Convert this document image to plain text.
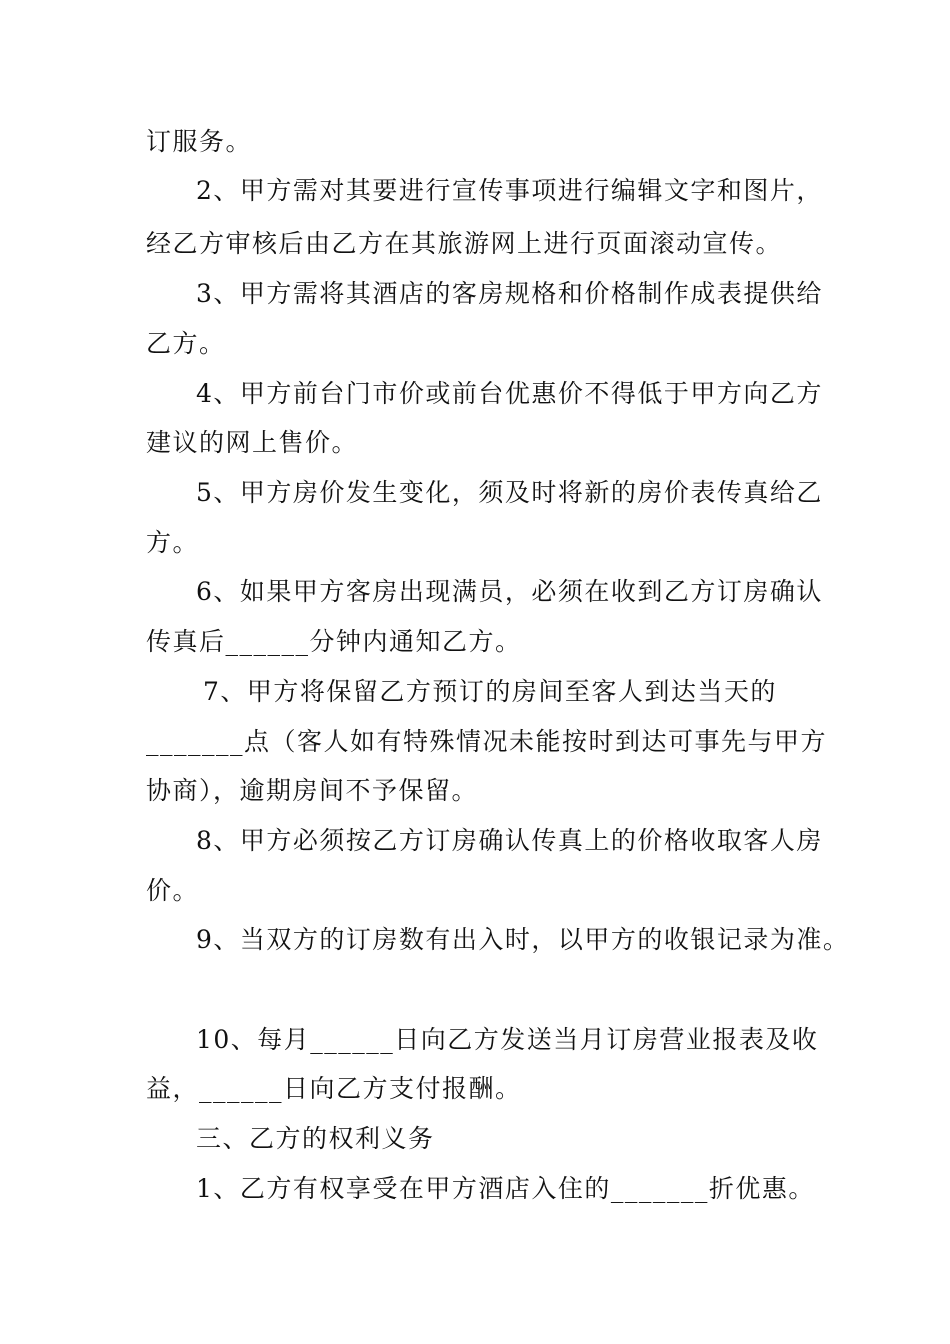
订服务。
2、甲方需对其要进行宣传事项进行编辑文字和图片，
经乙方审核后由乙方在其旅游网上进行页面滚动宣传。
3、甲方需将其酒店的客房规格和价格制作成表提供给
乙方。
4、甲方前台门市价或前台优惠价不得低于甲方向乙方
建议的网上售价。
5、甲方房价发生变化，须及时将新的房价表传真给乙
方。
6、如果甲方客房出现满员，必须在收到乙方订房确认
传真后______分钟内通知乙方。
7、甲方将保留乙方预订的房间至客人到达当天的
_______点（客人如有特殊情况未能按时到达可事先与甲方
协商），逾期房间不予保留。
8、甲方必须按乙方订房确认传真上的价格收取客人房
价。
9、当双方的订房数有出入时，以甲方的收银记录为准。
10、每月______日向乙方发送当月订房营业报表及收
益，______日向乙方支付报酬。
三、乙方的权利义务
1、乙方有权享受在甲方酒店入住的_______折优惠。
